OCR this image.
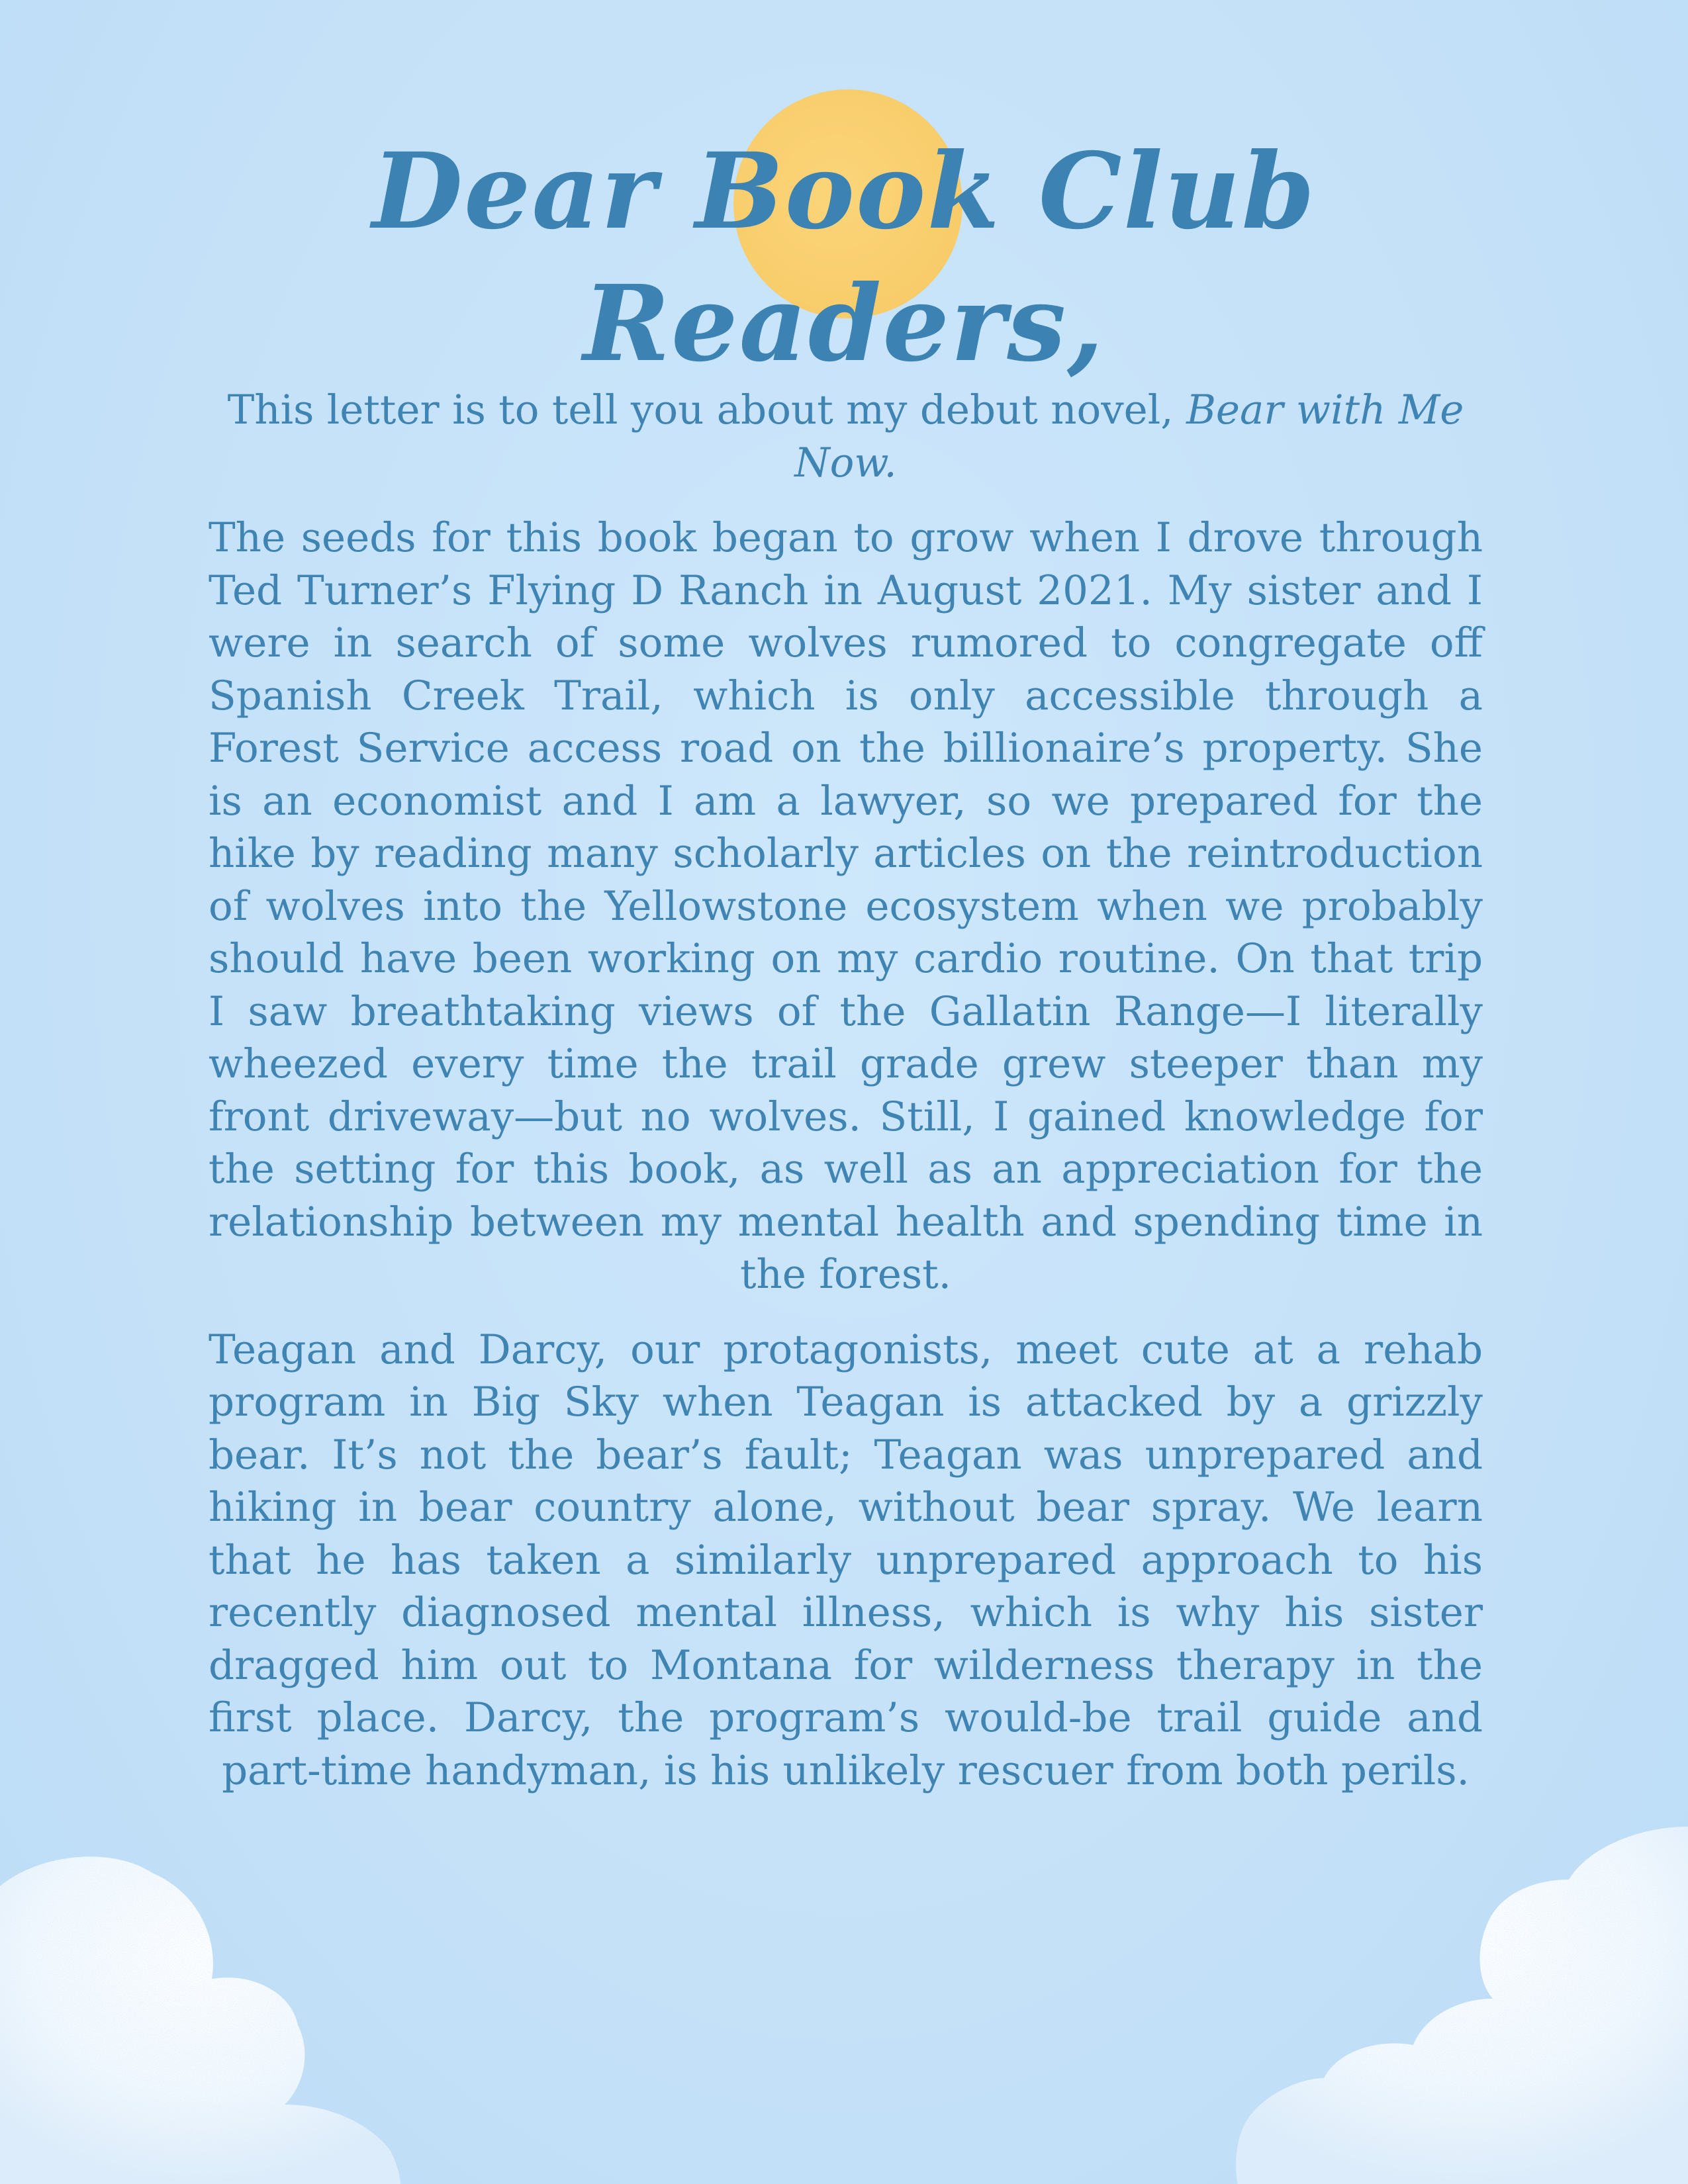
Dear Book Club Readers,

This letter is to tell you about my debut novel, Bear with Me Now.

The seeds for this book began to grow when I drove through Ted Turner’s Flying D Ranch in August 2021. My sister and I were in search of some wolves rumored to congregate off Spanish Creek Trail, which is only accessible through a Forest Service access road on the billionaire’s property. She is an economist and I am a lawyer, so we prepared for the hike by reading many scholarly articles on the reintroduction of wolves into the Yellowstone ecosystem when we probably should have been working on my cardio routine. On that trip I saw breathtaking views of the Gallatin Range—I literally wheezed every time the trail grade grew steeper than my front driveway—but no wolves. Still, I gained knowledge for the setting for this book, as well as an appreciation for the relationship between my mental health and spending time in the forest.

Teagan and Darcy, our protagonists, meet cute at a rehab program in Big Sky when Teagan is attacked by a grizzly bear. It’s not the bear’s fault; Teagan was unprepared and hiking in bear country alone, without bear spray. We learn that he has taken a similarly unprepared approach to his recently diagnosed mental illness, which is why his sister dragged him out to Montana for wilderness therapy in the first place. Darcy, the program’s would-be trail guide and part-time handyman, is his unlikely rescuer from both perils.
